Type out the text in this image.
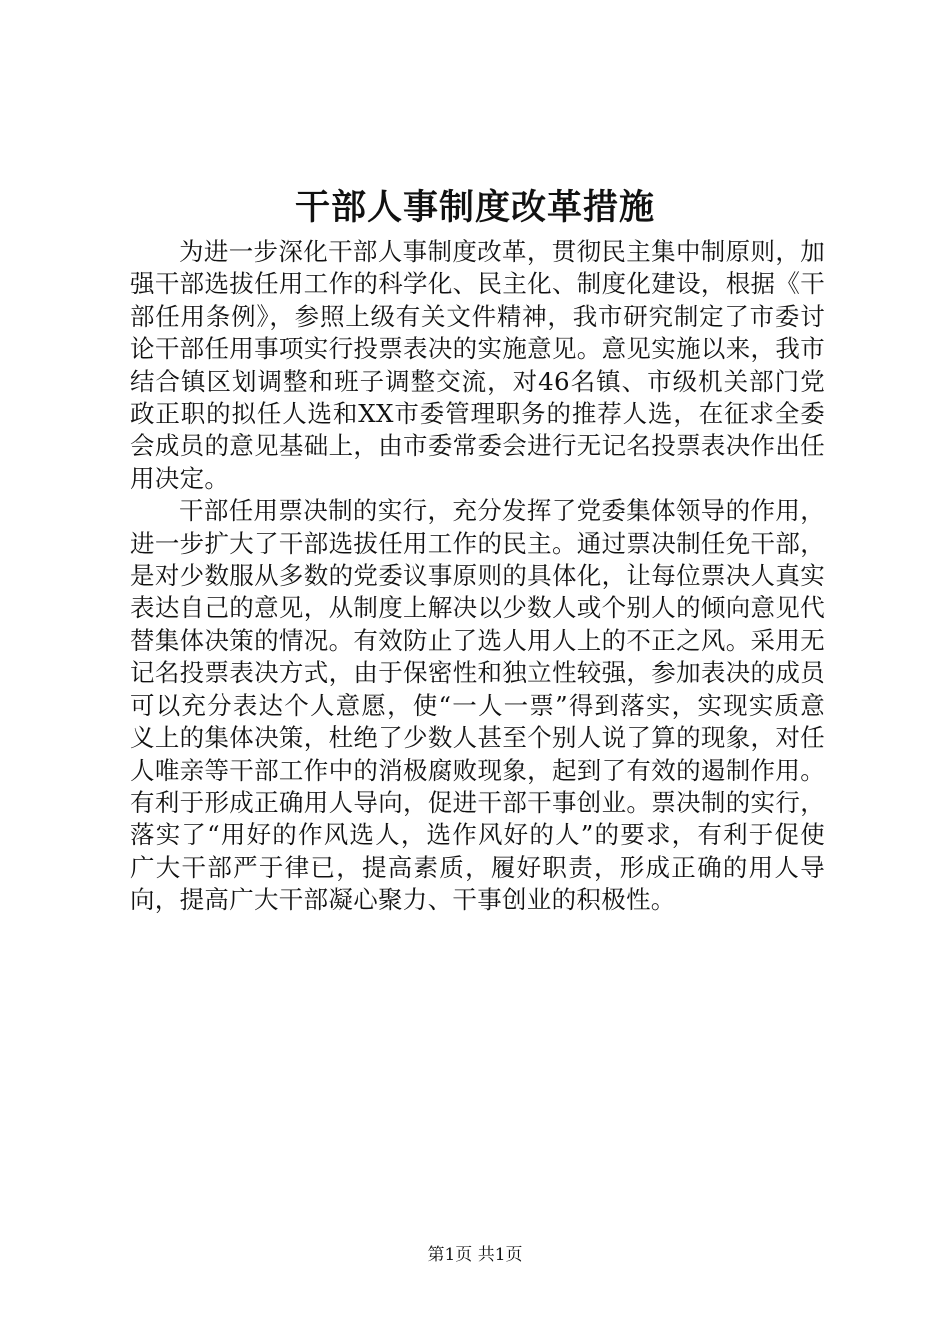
干部人事制度改革措施

为进一步深化干部人事制度改革，贯彻民主集中制原则，加强干部选拔任用工作的科学化、民主化、制度化建设，根据《干部任用条例》，参照上级有关文件精神，我市研究制定了市委讨论干部任用事项实行投票表决的实施意见。意见实施以来，我市结合镇区划调整和班子调整交流，对46名镇、市级机关部门党政正职的拟任人选和XX市委管理职务的推荐人选，在征求全委会成员的意见基础上，由市委常委会进行无记名投票表决作出任用决定。

干部任用票决制的实行，充分发挥了党委集体领导的作用，进一步扩大了干部选拔任用工作的民主。通过票决制任免干部，是对少数服从多数的党委议事原则的具体化，让每位票决人真实表达自己的意见，从制度上解决以少数人或个别人的倾向意见代替集体决策的情况。有效防止了选人用人上的不正之风。采用无记名投票表决方式，由于保密性和独立性较强，参加表决的成员可以充分表达个人意愿，使“一人一票”得到落实，实现实质意义上的集体决策，杜绝了少数人甚至个别人说了算的现象，对任人唯亲等干部工作中的消极腐败现象，起到了有效的遏制作用。有利于形成正确用人导向，促进干部干事创业。票决制的实行，落实了“用好的作风选人，选作风好的人”的要求，有利于促使广大干部严于律已，提高素质，履好职责，形成正确的用人导向，提高广大干部凝心聚力、干事创业的积极性。

第1页 共1页
